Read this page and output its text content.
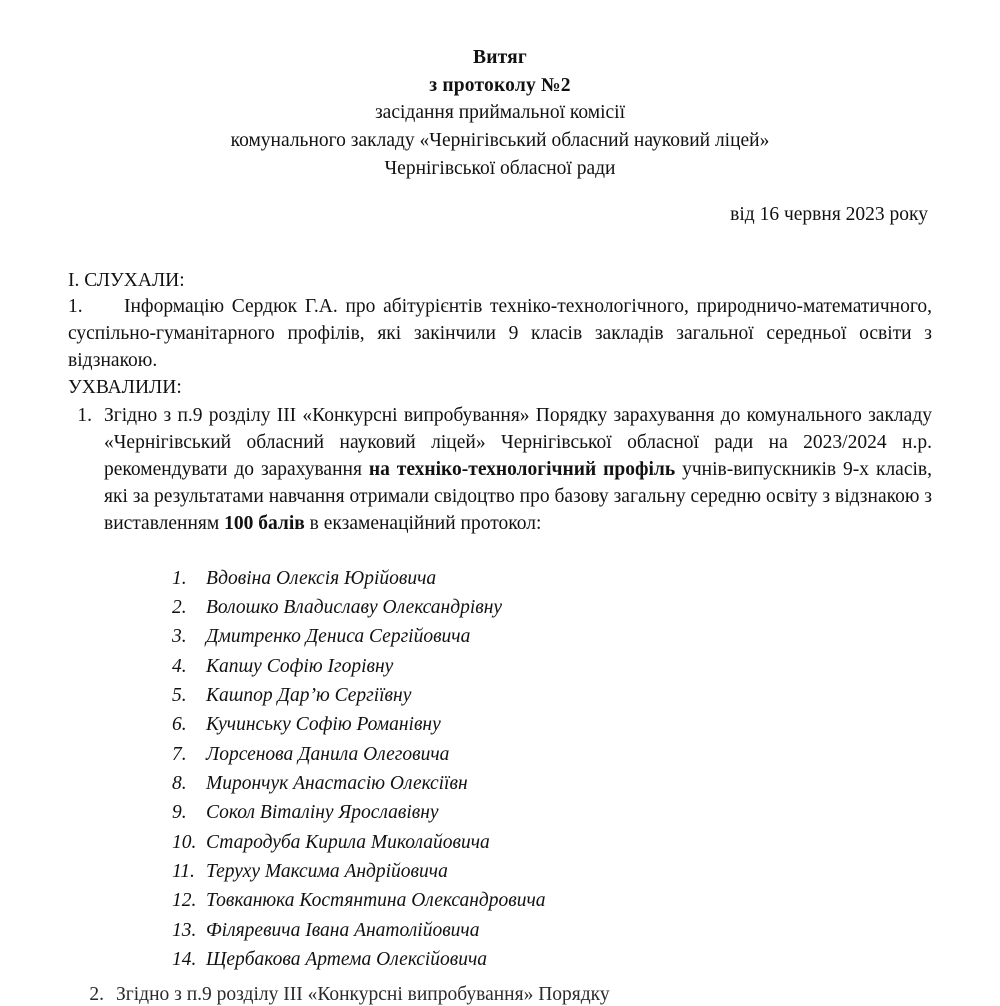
Витяг
з протоколу №2
засідання приймальної комісії
комунального закладу «Чернігівський обласний науковий ліцей»
Чернігівської обласної ради
від 16 червня 2023 року
I. СЛУХАЛИ:
1. Інформацію Сердюк Г.А. про абітурієнтів техніко-технологічного, природничо-математичного, суспільно-гуманітарного профілів, які закінчили 9 класів закладів загальної середньої освіти з відзнакою.
УХВАЛИЛИ:
1. Згідно з п.9 розділу III «Конкурсні випробування» Порядку зарахування до комунального закладу «Чернігівський обласний науковий ліцей» Чернігівської обласної ради на 2023/2024 н.р. рекомендувати до зарахування на техніко-технологічний профіль учнів-випускників 9-х класів, які за результатами навчання отримали свідоцтво про базову загальну середню освіту з відзнакою з виставленням 100 балів в екзаменаційний протокол:
1. Вдовіна Олексія Юрійовича
2. Волошко Владиславу Олександрівну
3. Дмитренко Дениса Сергійовича
4. Капшу Софію Ігорівну
5. Кашпор Дар’ю Сергіївну
6. Кучинську Софію Романівну
7. Лорсенова Данила Олеговича
8. Мирончук Анастасію Олексіївн
9. Сокол Віталіну Ярославівну
10. Стародуба Кирила Миколайовича
11. Теруху Максима Андрійовича
12. Товканюка Костянтина Олександровича
13. Філяревича Івана Анатолійовича
14. Щербакова Артема Олексійовича
2. Згідно з п.9 розділу III «Конкурсні випробування» Порядку
